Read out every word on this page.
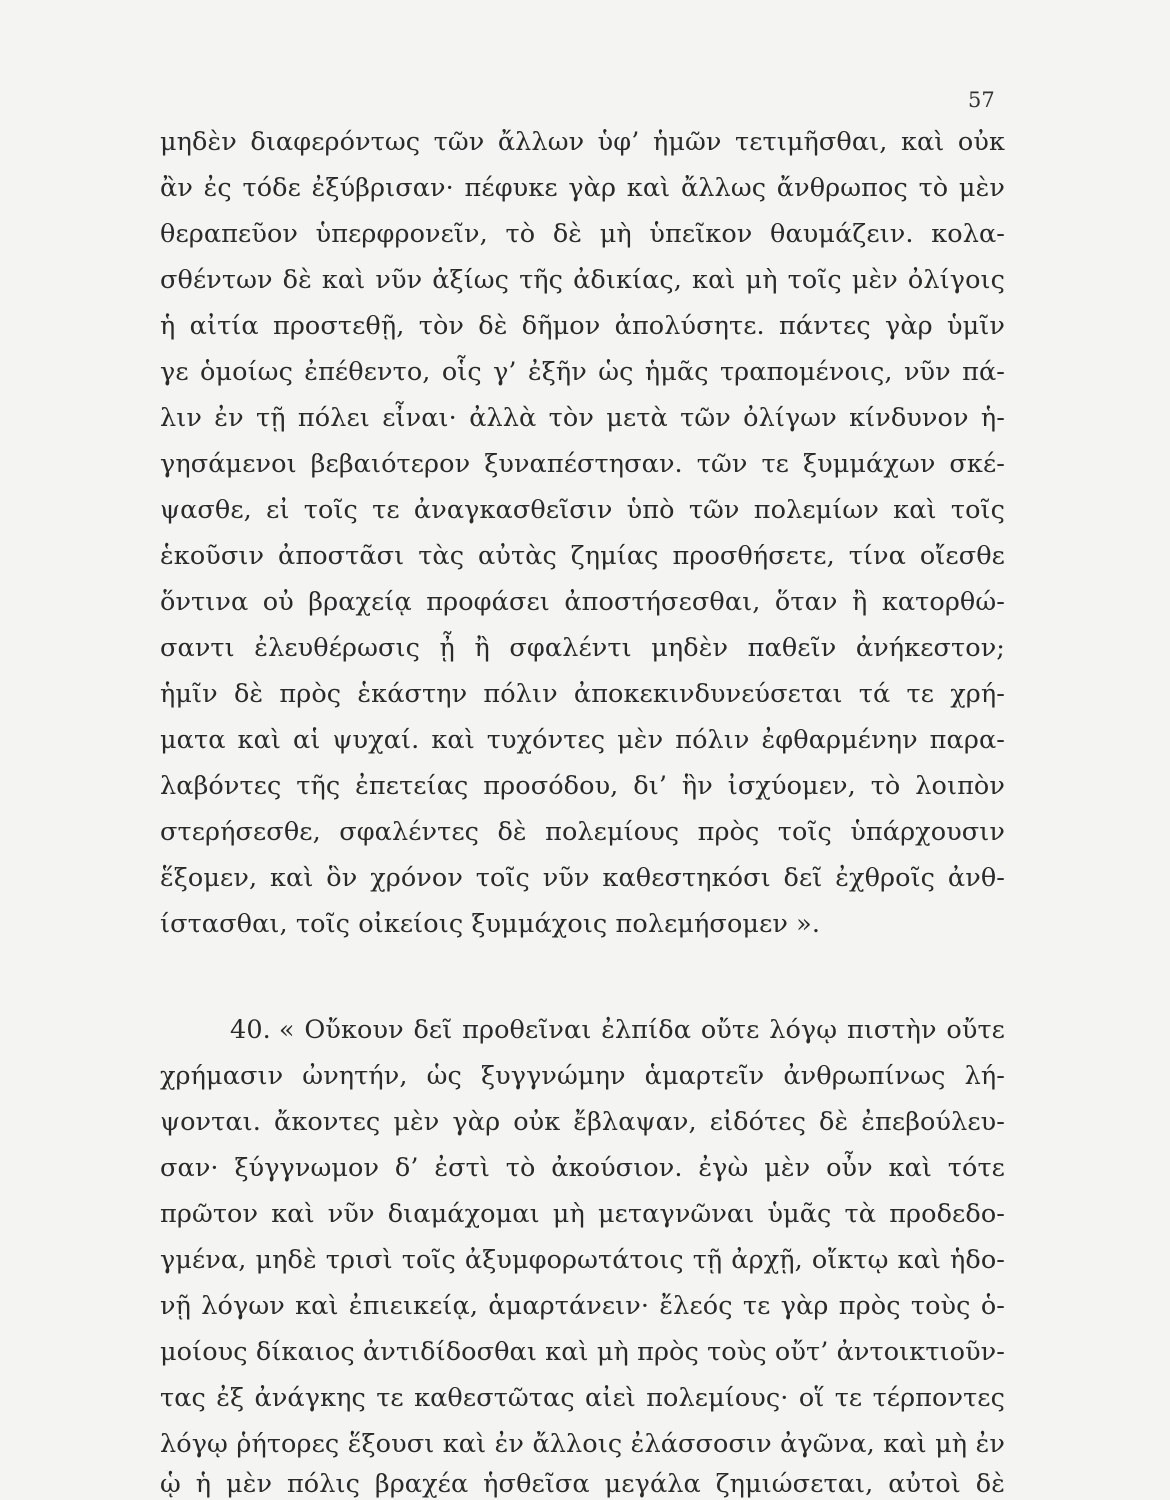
57
μηδὲν διαφερόντως τῶν ἄλλων ὑφ’ ἡμῶν τετιμῆσθαι, καὶ οὐκ
ἂν ἐς τόδε ἐξύβρισαν· πέφυκε γὰρ καὶ ἄλλως ἄνθρωπος τὸ μὲν
θεραπεῦον ὑπερφρονεῖν, τὸ δὲ μὴ ὑπεῖκον θαυμάζειν. κολα-
σθέντων δὲ καὶ νῦν ἀξίως τῆς ἀδικίας, καὶ μὴ τοῖς μὲν ὀλίγοις
ἡ αἰτία προστεθῇ, τὸν δὲ δῆμον ἀπολύσητε. πάντες γὰρ ὑμῖν
γε ὁμοίως ἐπέθεντο, οἷς γ’ ἐξῆν ὡς ἡμᾶς τραπομένοις, νῦν πά-
λιν ἐν τῇ πόλει εἶναι· ἀλλὰ τὸν μετὰ τῶν ὀλίγων κίνδυνον ἡ-
γησάμενοι βεβαιότερον ξυναπέστησαν. τῶν τε ξυμμάχων σκέ-
ψασθε, εἰ τοῖς τε ἀναγκασθεῖσιν ὑπὸ τῶν πολεμίων καὶ τοῖς
ἑκοῦσιν ἀποστᾶσι τὰς αὐτὰς ζημίας προσθήσετε, τίνα οἴεσθε
ὅντινα οὐ βραχείᾳ προφάσει ἀποστήσεσθαι, ὅταν ἢ κατορθώ-
σαντι ἐλευθέρωσις ᾖ ἢ σφαλέντι μηδὲν παθεῖν ἀνήκεστον;
ἡμῖν δὲ πρὸς ἑκάστην πόλιν ἀποκεκινδυνεύσεται τά τε χρή-
ματα καὶ αἱ ψυχαί. καὶ τυχόντες μὲν πόλιν ἐφθαρμένην παρα-
λαβόντες τῆς ἐπετείας προσόδου, δι’ ἣν ἰσχύομεν, τὸ λοιπὸν
στερήσεσθε, σφαλέντες δὲ πολεμίους πρὸς τοῖς ὑπάρχουσιν
ἕξομεν, καὶ ὃν χρόνον τοῖς νῦν καθεστηκόσι δεῖ ἐχθροῖς ἀνθ-
ίστασθαι, τοῖς οἰκείοις ξυμμάχοις πολεμήσομεν ».
40. « Οὔκουν δεῖ προθεῖναι ἐλπίδα οὔτε λόγῳ πιστὴν οὔτε
χρήμασιν ὠνητήν, ὡς ξυγγνώμην ἁμαρτεῖν ἀνθρωπίνως λή-
ψονται. ἄκοντες μὲν γὰρ οὐκ ἔβλαψαν, εἰδότες δὲ ἐπεβούλευ-
σαν· ξύγγνωμον δ’ ἐστὶ τὸ ἀκούσιον. ἐγὼ μὲν οὖν καὶ τότε
πρῶτον καὶ νῦν διαμάχομαι μὴ μεταγνῶναι ὑμᾶς τὰ προδεδο-
γμένα, μηδὲ τρισὶ τοῖς ἀξυμφορωτάτοις τῇ ἀρχῇ, οἴκτῳ καὶ ἡδο-
νῇ λόγων καὶ ἐπιεικείᾳ, ἁμαρτάνειν· ἔλεός τε γὰρ πρὸς τοὺς ὁ-
μοίους δίκαιος ἀντιδίδοσθαι καὶ μὴ πρὸς τοὺς οὔτ’ ἀντοικτιοῦν-
τας ἐξ ἀνάγκης τε καθεστῶτας αἰεὶ πολεμίους· οἵ τε τέρποντες
λόγῳ ῥήτορες ἕξουσι καὶ ἐν ἄλλοις ἐλάσσοσιν ἀγῶνα, καὶ μὴ ἐν
ᾧ ἡ μὲν πόλις βραχέα ἡσθεῖσα μεγάλα ζημιώσεται, αὐτοὶ δὲ
